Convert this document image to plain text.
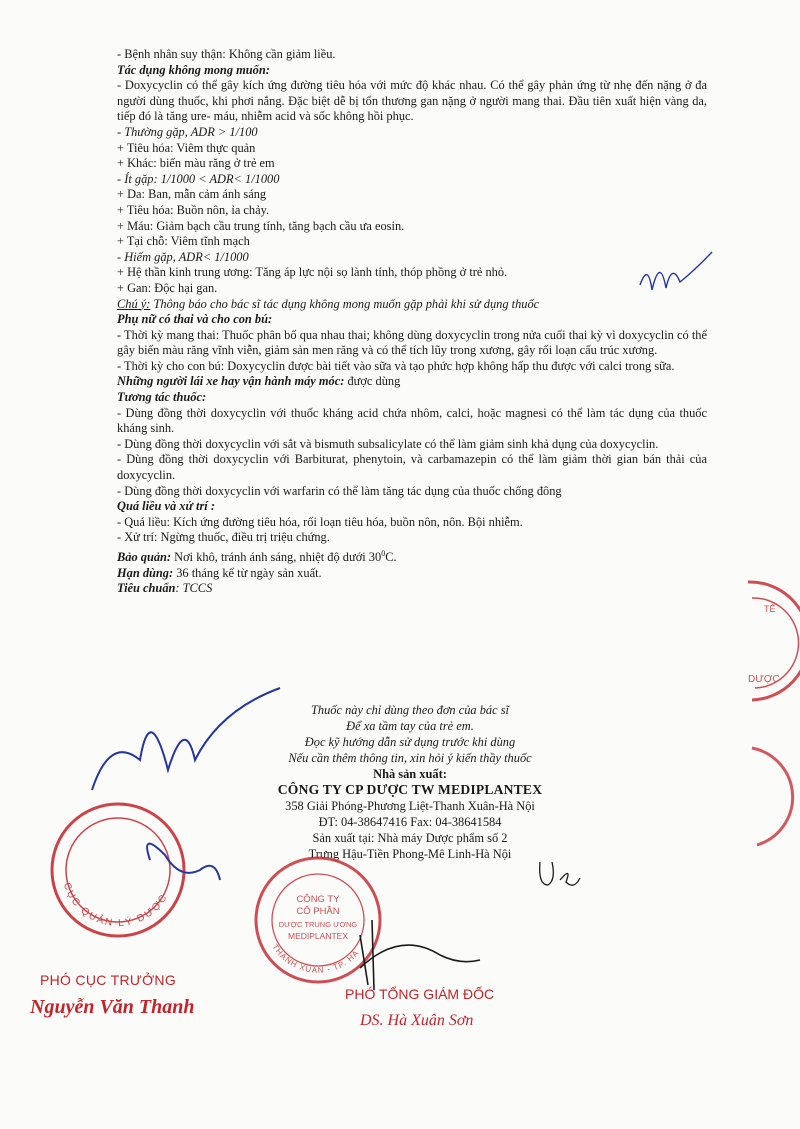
- Bệnh nhân suy thận: Không cần giảm liều.
Tác dụng không mong muốn:
- Doxycyclin có thể gây kích ứng đường tiêu hóa với mức độ khác nhau. Có thể gây phản ứng từ nhẹ đến nặng ở đa người dùng thuốc, khi phơi nắng. Đặc biệt dễ bị tổn thương gan nặng ở người mang thai. Đầu tiên xuất hiện vàng da, tiếp đó là tăng ure- máu, nhiễm acid và sốc không hồi phục.
- Thường gặp, ADR > 1/100
+ Tiêu hóa: Viêm thực quản
+ Khác: biến màu răng ở trẻ em
- Ít gặp: 1/1000 < ADR< 1/1000
+ Da: Ban, mẫn cảm ánh sáng
+ Tiêu hóa: Buồn nôn, ỉa chảy.
+ Máu: Giảm bạch cầu trung tính, tăng bạch cầu ưa eosin.
+ Tại chỗ: Viêm tĩnh mạch
- Hiếm gặp, ADR< 1/1000
+ Hệ thần kinh trung ương: Tăng áp lực nội sọ lành tính, thóp phồng ở trẻ nhỏ.
+ Gan: Độc hại gan.
Chú ý: Thông báo cho bác sĩ tác dụng không mong muốn gặp phải khi sử dụng thuốc
Phụ nữ có thai và cho con bú:
- Thời kỳ mang thai: Thuốc phân bố qua nhau thai; không dùng doxycyclin trong nửa cuối thai kỳ vì doxycyclin có thể gây biến màu răng vĩnh viễn, giảm sản men răng và có thể tích lũy trong xương, gây rối loạn cấu trúc xương.
- Thời kỳ cho con bú: Doxycyclin được bài tiết vào sữa và tạo phức hợp không hấp thu được với calci trong sữa.
Những người lái xe hay vận hành máy móc: được dùng
Tương tác thuốc:
- Dùng đồng thời doxycyclin với thuốc kháng acid chứa nhôm, calci, hoặc magnesi có thể làm tác dụng của thuốc kháng sinh.
- Dùng đồng thời doxycyclin với sắt và bismuth subsalicylate có thể làm giảm sinh khả dụng của doxycyclin.
- Dùng đồng thời doxycyclin với Barbiturat, phenytoin, và carbamazepin có thể làm giảm thời gian bán thải của doxycyclin.
- Dùng đồng thời doxycyclin với warfarin có thể làm tăng tác dụng của thuốc chống đông
Quá liều và xử trí :
- Quá liều: Kích ứng đường tiêu hóa, rối loạn tiêu hóa, buồn nôn, nôn. Bội nhiễm.
- Xử trí: Ngừng thuốc, điều trị triệu chứng.
Bảo quản: Nơi khô, tránh ánh sáng, nhiệt độ dưới $30^0C$.
Hạn dùng: 36 tháng kể từ ngày sản xuất.
Tiêu chuẩn: TCCS
Thuốc này chỉ dùng theo đơn của bác sĩ
Để xa tầm tay của trẻ em.
Đọc kỹ hướng dẫn sử dụng trước khi dùng
Nếu cần thêm thông tin, xin hỏi ý kiến thầy thuốc
Nhà sản xuất:
CÔNG TY CP DƯỢC TW MEDIPLANTEX
358 Giải Phóng-Phương Liệt-Thanh Xuân-Hà Nội
ĐT: 04-38647416 Fax: 04-38641584
Sản xuất tại: Nhà máy Dược phẩm số 2
Trưng Hậu-Tiền Phong-Mê Linh-Hà Nội
CỤC QUẢN LÝ DƯỢC
DƯỢC
TẾ
CÔNG TY
CỔ PHẦN
DƯỢC TRUNG ƯƠNG
MEDIPLANTEX
THANH XUÂN - TP. HÀ
PHÓ CỤC TRƯỞNG
Nguyễn Văn Thanh
PHÓ TỔNG GIÁM ĐỐC
DS. Hà Xuân Sơn
